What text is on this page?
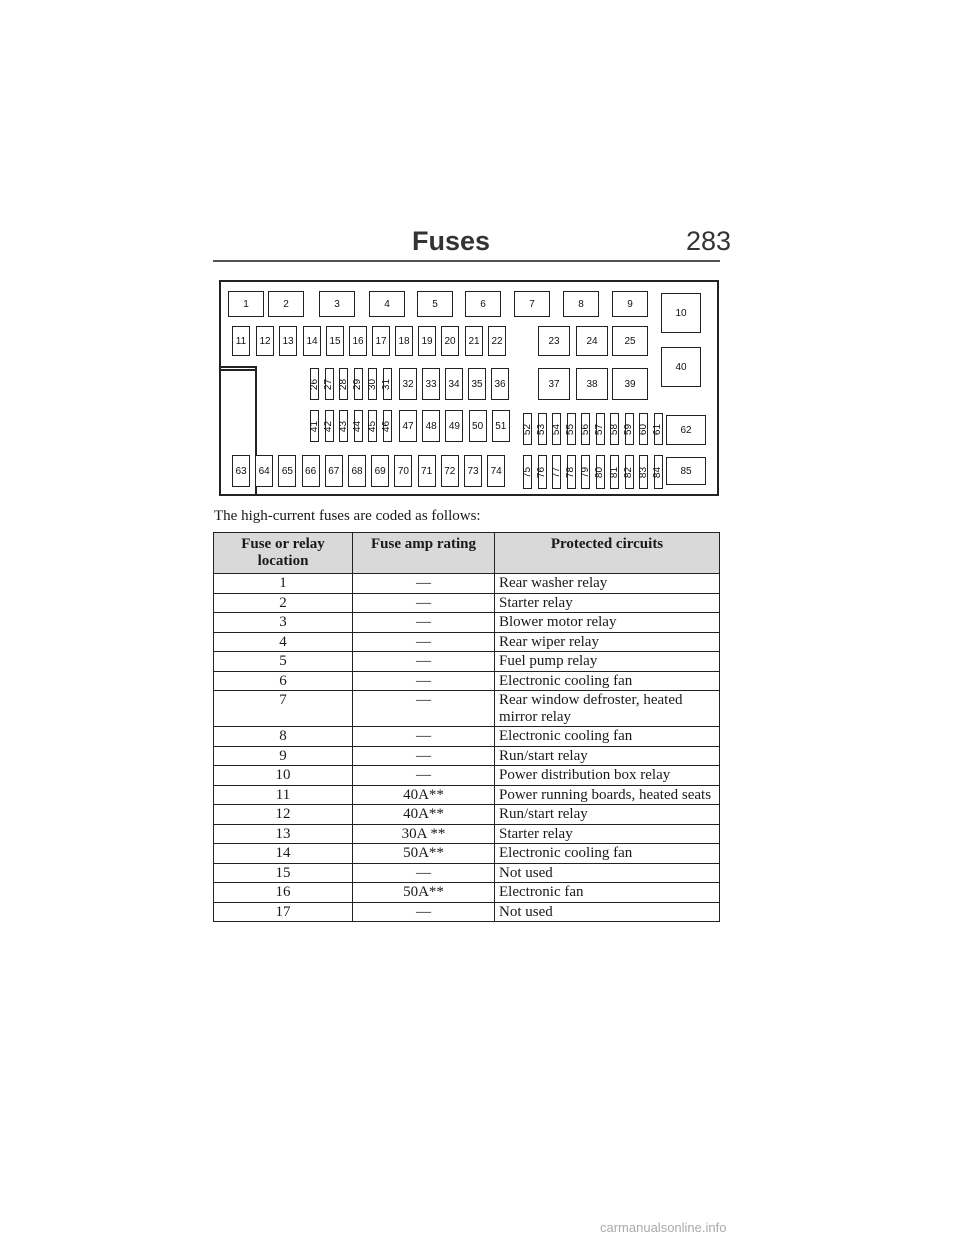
Fuses	283
1	2	3	4	5	6	7	8	9
11 12 13 14 15 16 17 18 19 20 21 22	23	24	25
26 27 28 29 30 31 32 33 34 35 36	37	38	39
41 42 43 44 45 46 47 48 49 50 51 52 53 54 55 56 57 58 59 60 61
63 64 65 66 67 68 69 70 71 72 73 74 75 76 77 78 79 80 81 82 83 84
10
40
62
85
The high-current fuses are coded as follows:
Fuse or relay location	Fuse amp rating	Protected circuits
1	—	Rear washer relay
2	—	Starter relay
3	—	Blower motor relay
4	—	Rear wiper relay
5	—	Fuel pump relay
6	—	Electronic cooling fan
7	—	Rear window defroster, heated mirror relay
8	—	Electronic cooling fan
9	—	Run/start relay
10	—	Power distribution box relay
11	40A**	Power running boards, heated seats
12	40A**	Run/start relay
13	30A **	Starter relay
14	50A**	Electronic cooling fan
15	—	Not used
16	50A**	Electronic fan
17	—	Not used
carmanualsonline.info
